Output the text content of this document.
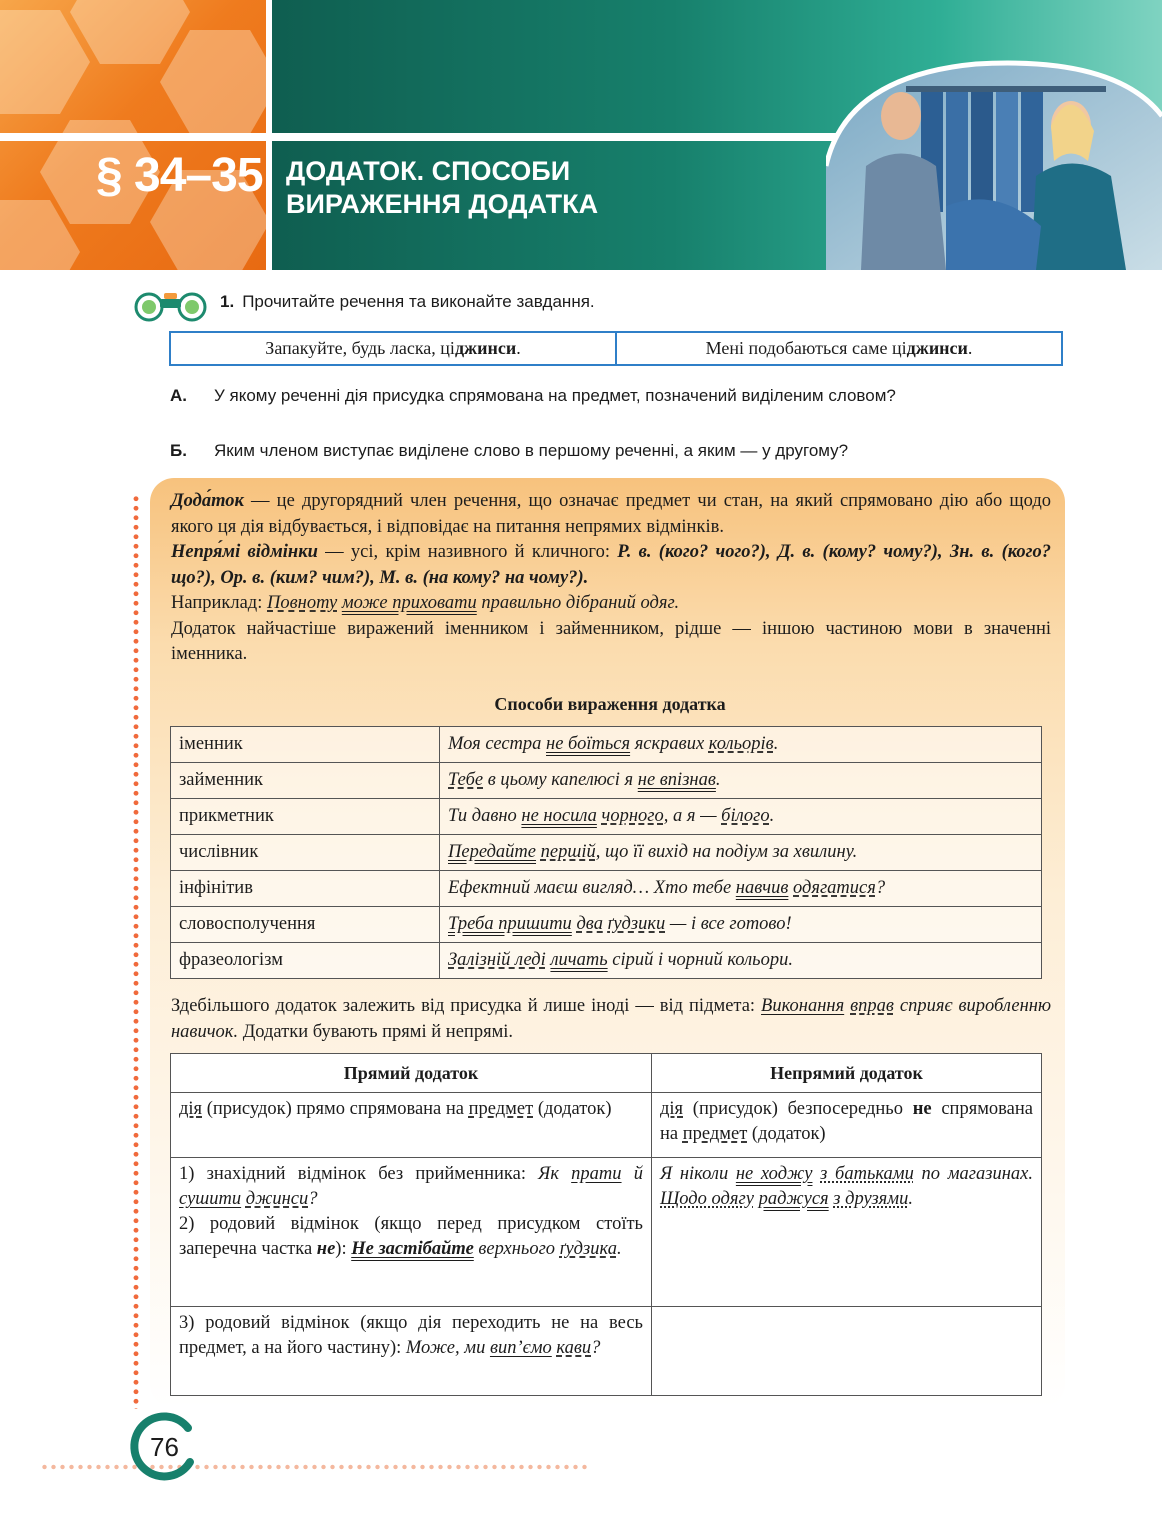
§ 34–35 ДОДАТОК. СПОСОБИ
ВИРАЖЕННЯ ДОДАТКА
1. Прочитайте речення та виконайте завдання.
Запакуйте, будь ласка, ці джинси .	Мені подобаються саме ці джинси .
А.	У якому реченні дія присудка спрямована на предмет, позначений виділеним словом?
Б.	Яким членом виступає виділене слово в першому реченні, а яким — у другому?

Дода́ток — це другорядний член речення, що означає предмет чи стан, на який спрямовано дію або щодо якого ця дія відбувається, і відповідає на питання непрямих відмінків.

Непря́мі відмінки — усі, крім називного й кличного: Р. в. (кого? чого?), Д. в. (кому? чому?), Зн. в. (кого? що?), Ор. в. (ким? чим?), М. в. (на кому? на чому?).

Наприклад: Повноту може приховати правильно дібраний одяг.

Додаток найчастіше виражений іменником і займенником, рідше — іншою частиною мови в значенні іменника.

Способи вираження додатка
іменник	Моя сестра не боїться яскравих кольорів.
займенник	Тебе в цьому капелюсі я не впізнав.
прикметник	Ти давно не носила чорного, а я — білого.
числівник	Передайте першій, що її вихід на подіум за хвилину.
інфінітив	Ефектний маєш вигляд… Хто тебе навчив одягатися?
словосполучення	Треба пришити два ґудзики — і все готово!
фразеологізм	Залізній леді личать сірий і чорний кольори.

Здебільшого додаток залежить від присудка й лише іноді — від підмета: Виконання вправ сприяє виробленню навичок. Додатки бувають прямі й непрямі.

Прямий додаток	Непрямий додаток
дія (присудок) прямо спрямована на предмет (додаток)	дія (присудок) безпосередньо не спрямована на предмет (додаток)

1) знахідний відмінок без прийменника: Як прати й сушити джинси?
2) родовий відмінок (якщо перед присудком стоїть заперечна частка не): Не застібайте верхнього ґудзика.	Я ніколи не ходжу з батьками по магазинах. Щодо одягу раджуся з друзями.
3) родовий відмінок (якщо дія переходить не на весь предмет, а на його частину): Може, ми вип’ємо кави?	
76
